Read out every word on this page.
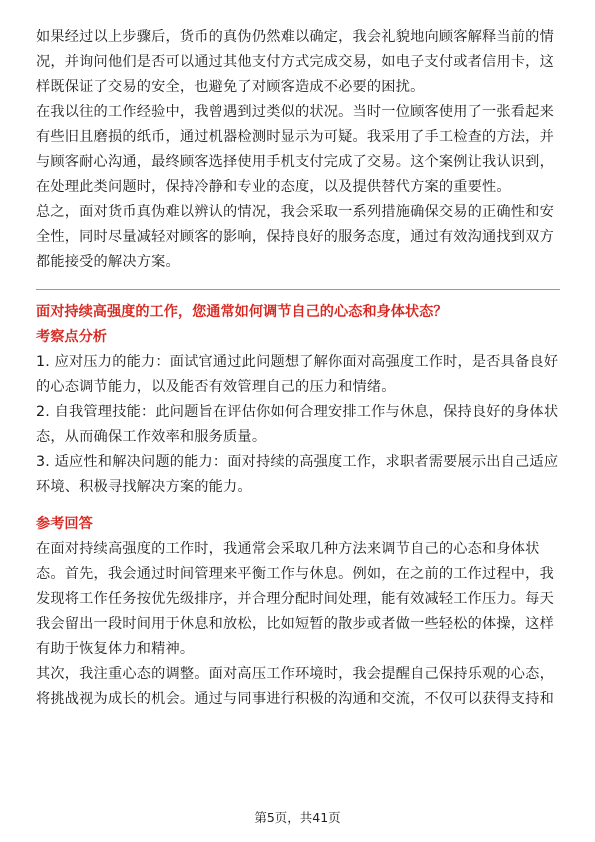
如果经过以上步骤后，货币的真伪仍然难以确定，我会礼貌地向顾客解释当前的情

况，并询问他们是否可以通过其他支付方式完成交易，如电子支付或者信用卡，这

样既保证了交易的安全，也避免了对顾客造成不必要的困扰。

在我以往的工作经验中，我曾遇到过类似的状况。当时一位顾客使用了一张看起来

有些旧且磨损的纸币，通过机器检测时显示为可疑。我采用了手工检查的方法，并

与顾客耐心沟通，最终顾客选择使用手机支付完成了交易。这个案例让我认识到，

在处理此类问题时，保持冷静和专业的态度，以及提供替代方案的重要性。

总之，面对货币真伪难以辨认的情况，我会采取一系列措施确保交易的正确性和安

全性，同时尽量减轻对顾客的影响，保持良好的服务态度，通过有效沟通找到双方

都能接受的解决方案。

面对持续高强度的工作，您通常如何调节自己的心态和身体状态？

考察点分析

1. 应对压力的能力：面试官通过此问题想了解你面对高强度工作时，是否具备良好

的心态调节能力，以及能否有效管理自己的压力和情绪。

2. 自我管理技能：此问题旨在评估你如何合理安排工作与休息，保持良好的身体状

态，从而确保工作效率和服务质量。

3. 适应性和解决问题的能力：面对持续的高强度工作，求职者需要展示出自己适应

环境、积极寻找解决方案的能力。

参考回答

在面对持续高强度的工作时，我通常会采取几种方法来调节自己的心态和身体状

态。首先，我会通过时间管理来平衡工作与休息。例如，在之前的工作过程中，我

发现将工作任务按优先级排序，并合理分配时间处理，能有效减轻工作压力。每天

我会留出一段时间用于休息和放松，比如短暂的散步或者做一些轻松的体操，这样

有助于恢复体力和精神。

其次，我注重心态的调整。面对高压工作环境时，我会提醒自己保持乐观的心态，

将挑战视为成长的机会。通过与同事进行积极的沟通和交流，不仅可以获得支持和

第5页，共41页
